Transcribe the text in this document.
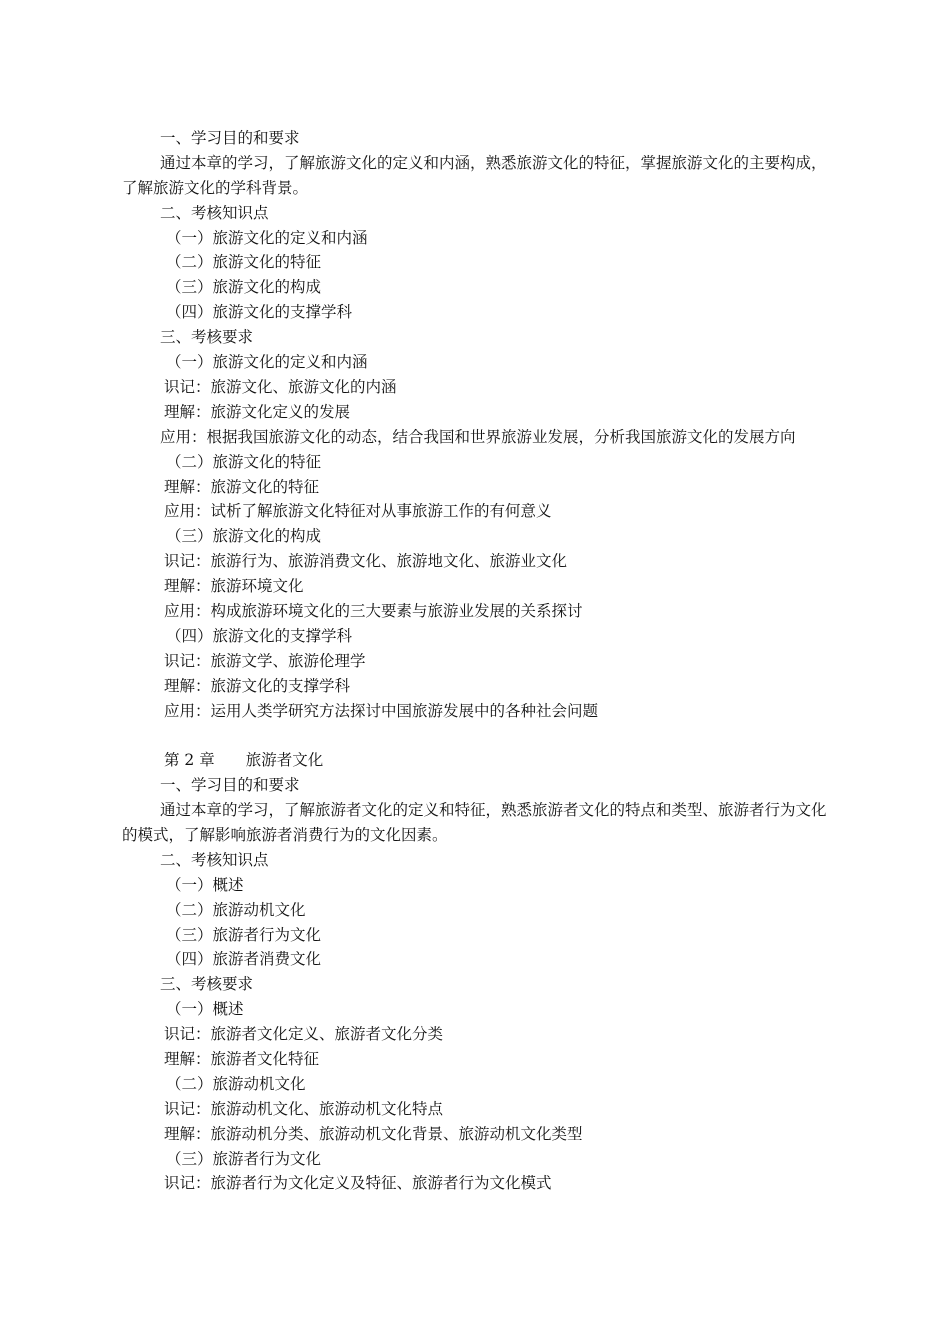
一、学习目的和要求
通过本章的学习，了解旅游文化的定义和内涵，熟悉旅游文化的特征，掌握旅游文化的主要构成，了解旅游文化的学科背景。
二、考核知识点
（一）旅游文化的定义和内涵
（二）旅游文化的特征
（三）旅游文化的构成
（四）旅游文化的支撑学科
三、考核要求
（一）旅游文化的定义和内涵
识记：旅游文化、旅游文化的内涵
理解：旅游文化定义的发展
应用：根据我国旅游文化的动态，结合我国和世界旅游业发展，分析我国旅游文化的发展方向
（二）旅游文化的特征
理解：旅游文化的特征
应用：试析了解旅游文化特征对从事旅游工作的有何意义
（三）旅游文化的构成
识记：旅游行为、旅游消费文化、旅游地文化、旅游业文化
理解：旅游环境文化
应用：构成旅游环境文化的三大要素与旅游业发展的关系探讨
（四）旅游文化的支撑学科
识记：旅游文学、旅游伦理学
理解：旅游文化的支撑学科
应用：运用人类学研究方法探讨中国旅游发展中的各种社会问题
第 2 章　　旅游者文化
一、学习目的和要求
通过本章的学习，了解旅游者文化的定义和特征，熟悉旅游者文化的特点和类型、旅游者行为文化的模式，了解影响旅游者消费行为的文化因素。
二、考核知识点
（一）概述
（二）旅游动机文化
（三）旅游者行为文化
（四）旅游者消费文化
三、考核要求
（一）概述
识记：旅游者文化定义、旅游者文化分类
理解：旅游者文化特征
（二）旅游动机文化
识记：旅游动机文化、旅游动机文化特点
理解：旅游动机分类、旅游动机文化背景、旅游动机文化类型
（三）旅游者行为文化
识记：旅游者行为文化定义及特征、旅游者行为文化模式
